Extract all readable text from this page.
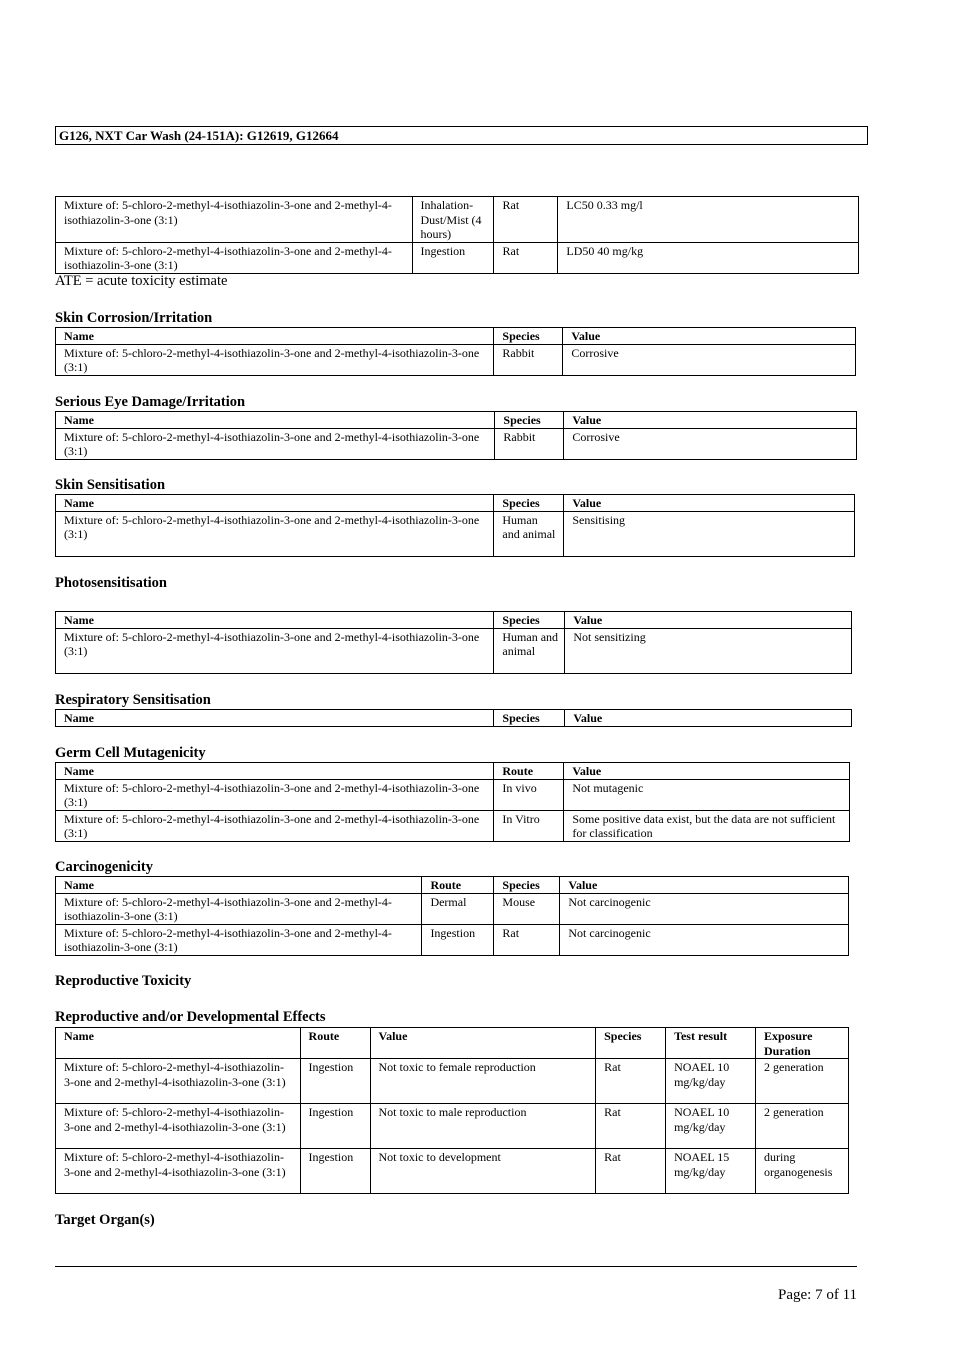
G126, NXT Car Wash (24-151A): G12619, G12664
Mixture of: 5-chloro-2-methyl-4-isothiazolin-3-one and 2-methyl-4-isothiazolin-3-one (3:1)	Inhalation-Dust/Mist (4 hours)	Rat	LC50 0.33 mg/l
Mixture of: 5-chloro-2-methyl-4-isothiazolin-3-one and 2-methyl-4-isothiazolin-3-one (3:1)	Ingestion	Rat	LD50 40 mg/kg
ATE = acute toxicity estimate
Skin Corrosion/Irritation
Name	Species	Value
Mixture of: 5-chloro-2-methyl-4-isothiazolin-3-one and 2-methyl-4-isothiazolin-3-one (3:1)	Rabbit	Corrosive
Serious Eye Damage/Irritation
Name	Species	Value
Mixture of: 5-chloro-2-methyl-4-isothiazolin-3-one and 2-methyl-4-isothiazolin-3-one (3:1)	Rabbit	Corrosive
Skin Sensitisation
Name	Species	Value
Mixture of: 5-chloro-2-methyl-4-isothiazolin-3-one and 2-methyl-4-isothiazolin-3-one (3:1)	Human and animal	Sensitising
Photosensitisation
Name	Species	Value
Mixture of: 5-chloro-2-methyl-4-isothiazolin-3-one and 2-methyl-4-isothiazolin-3-one (3:1)	Human and animal	Not sensitizing
Respiratory Sensitisation
Name	Species	Value
Germ Cell Mutagenicity
Name	Route	Value
Mixture of: 5-chloro-2-methyl-4-isothiazolin-3-one and 2-methyl-4-isothiazolin-3-one (3:1)	In vivo	Not mutagenic
Mixture of: 5-chloro-2-methyl-4-isothiazolin-3-one and 2-methyl-4-isothiazolin-3-one (3:1)	In Vitro	Some positive data exist, but the data are not sufficient for classification
Carcinogenicity
Name	Route	Species	Value
Mixture of: 5-chloro-2-methyl-4-isothiazolin-3-one and 2-methyl-4-isothiazolin-3-one (3:1)	Dermal	Mouse	Not carcinogenic
Mixture of: 5-chloro-2-methyl-4-isothiazolin-3-one and 2-methyl-4-isothiazolin-3-one (3:1)	Ingestion	Rat	Not carcinogenic
Reproductive Toxicity
Reproductive and/or Developmental Effects
Name	Route	Value	Species	Test result	Exposure Duration
Mixture of: 5-chloro-2-methyl-4-isothiazolin-3-one and 2-methyl-4-isothiazolin-3-one (3:1)	Ingestion	Not toxic to female reproduction	Rat	NOAEL 10 mg/kg/day	2 generation
Mixture of: 5-chloro-2-methyl-4-isothiazolin-3-one and 2-methyl-4-isothiazolin-3-one (3:1)	Ingestion	Not toxic to male reproduction	Rat	NOAEL 10 mg/kg/day	2 generation
Mixture of: 5-chloro-2-methyl-4-isothiazolin-3-one and 2-methyl-4-isothiazolin-3-one (3:1)	Ingestion	Not toxic to development	Rat	NOAEL 15 mg/kg/day	during organogenesis
Target Organ(s)
Page: 7 of 11
